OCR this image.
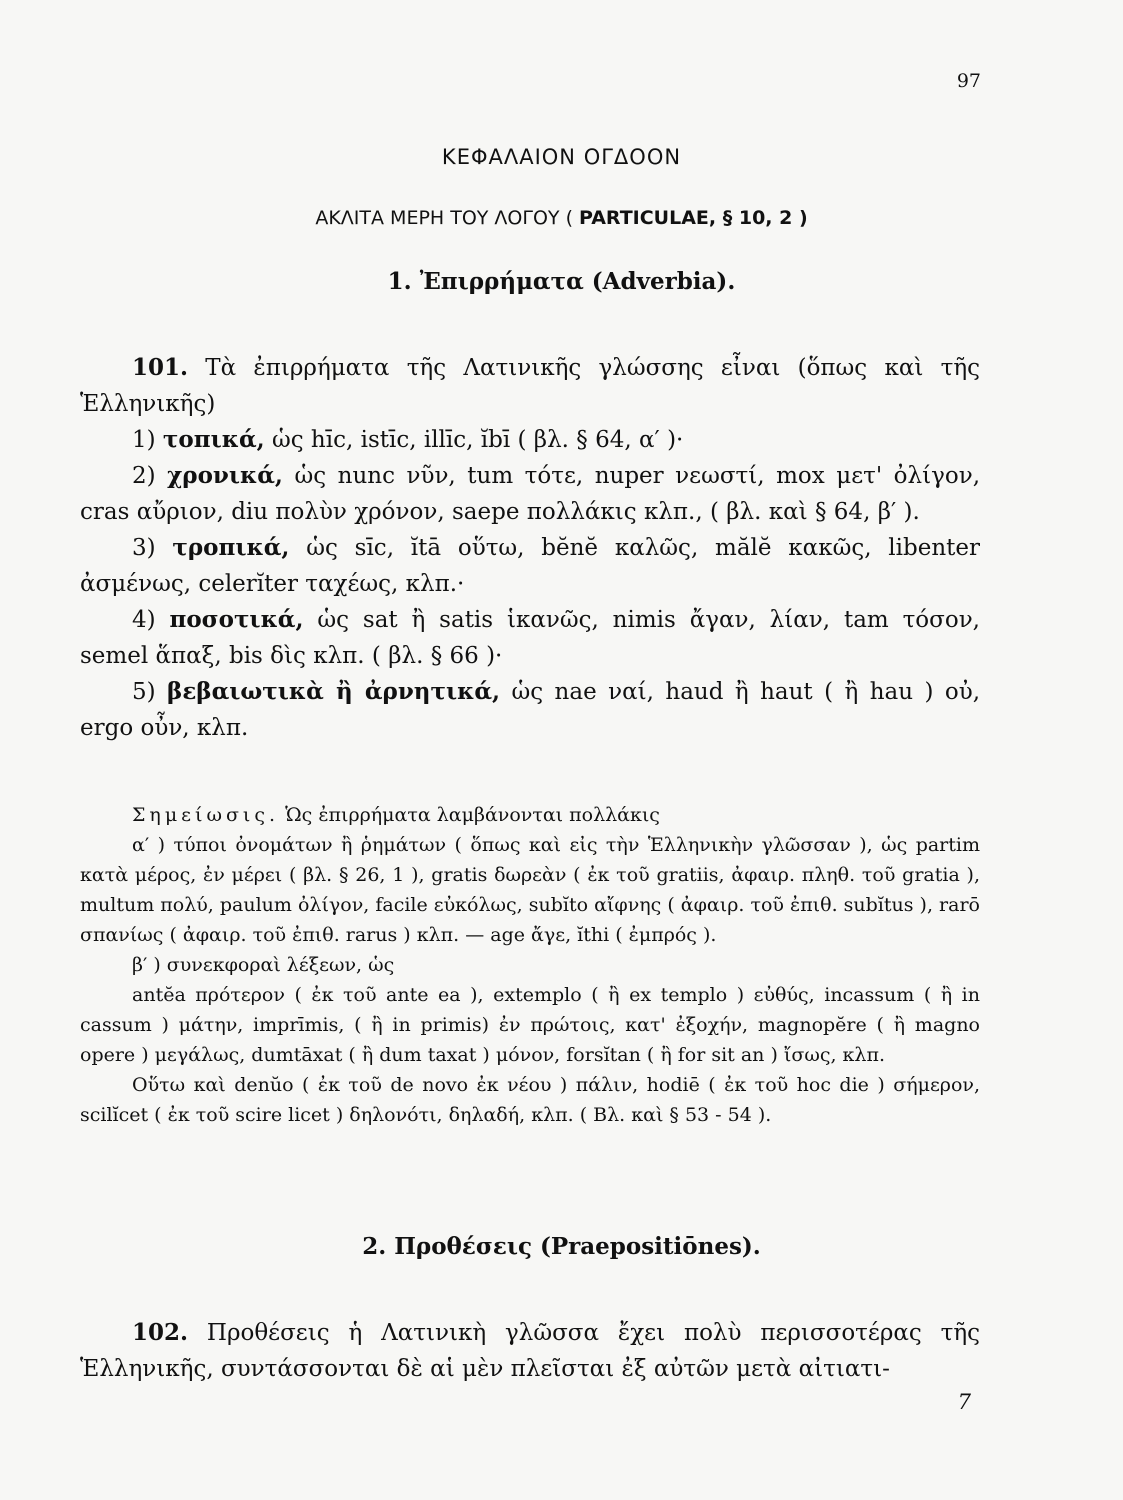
97
ΚΕΦΑΛΑΙΟΝ ΟΓΔΟΟΝ
ΑΚΛΙΤΑ ΜΕΡΗ ΤΟΥ ΛΟΓΟΥ ( PARTICULAE, § 10, 2 )
1. Ἐπιρρήματα (Adverbia).

101. Τὰ ἐπιρρήματα τῆς Λατινικῆς γλώσσης εἶναι (ὅπως καὶ τῆς Ἑλληνικῆς)

1) τοπικά, ὡς hīc, istīc, illīc, ĭbī ( βλ. § 64, α′ )·

2) χρονικά, ὡς nunc νῦν, tum τότε, nuper νεωστί, mox μετ' ὀλίγον, cras αὔριον, diu πολὺν χρόνον, saepe πολλάκις κλπ., ( βλ. καὶ § 64, β′ ).

3) τροπικά, ὡς sīc, ĭtā οὕτω, bĕnĕ καλῶς, mălĕ κακῶς, libenter ἀσμένως, celerĭter ταχέως, κλπ.·

4) ποσοτικά, ὡς sat ἢ satis ἱκανῶς, nimis ἄγαν, λίαν, tam τόσον, semel ἅπαξ, bis δὶς κλπ. ( βλ. § 66 )·

5) βεβαιωτικὰ ἢ ἀρνητικά, ὡς nae ναί, haud ἢ haut ( ἢ hau ) οὐ, ergo οὖν, κλπ.

Σημείωσις. Ὡς ἐπιρρήματα λαμβάνονται πολλάκις

α′ ) τύποι ὀνομάτων ἢ ῥημάτων ( ὅπως καὶ εἰς τὴν Ἑλληνικὴν γλῶσσαν ), ὡς partim κατὰ μέρος, ἐν μέρει ( βλ. § 26, 1 ), gratis δωρεὰν ( ἐκ τοῦ gratiis, ἀφαιρ. πληθ. τοῦ gratia ), multum πολύ, paulum ὀλίγον, facile εὐκόλως, subĭto αἴφνης ( ἀφαιρ. τοῦ ἐπιθ. subĭtus ), rarō σπανίως ( ἀφαιρ. τοῦ ἐπιθ. rarus ) κλπ. — age ἄγε, ĭthi ( ἐμπρός ).

β′ ) συνεκφοραὶ λέξεων, ὡς

antĕa πρότερον ( ἐκ τοῦ ante ea ), extemplo ( ἢ ex templo ) εὐθύς, incassum ( ἢ in cassum ) μάτην, imprīmis, ( ἢ in primis) ἐν πρώτοις, κατ' ἐξοχήν, magnopĕre ( ἢ magno opere ) μεγάλως, dumtāxat ( ἢ dum taxat ) μόνον, forsĭtan ( ἢ for sit an ) ἴσως, κλπ.

Οὕτω καὶ denŭo ( ἐκ τοῦ de novo ἐκ νέου ) πάλιν, hodiē ( ἐκ τοῦ hoc die ) σήμερον, scilĭcet ( ἐκ τοῦ scire licet ) δηλονότι, δηλαδή, κλπ. ( Βλ. καὶ § 53 - 54 ).

2. Προθέσεις (Praepositiōnes).

102. Προθέσεις ἡ Λατινικὴ γλῶσσα ἔχει πολὺ περισσοτέρας τῆς Ἑλληνικῆς, συντάσσονται δὲ αἱ μὲν πλεῖσται ἐξ αὐτῶν μετὰ αἰτιατι-

7
